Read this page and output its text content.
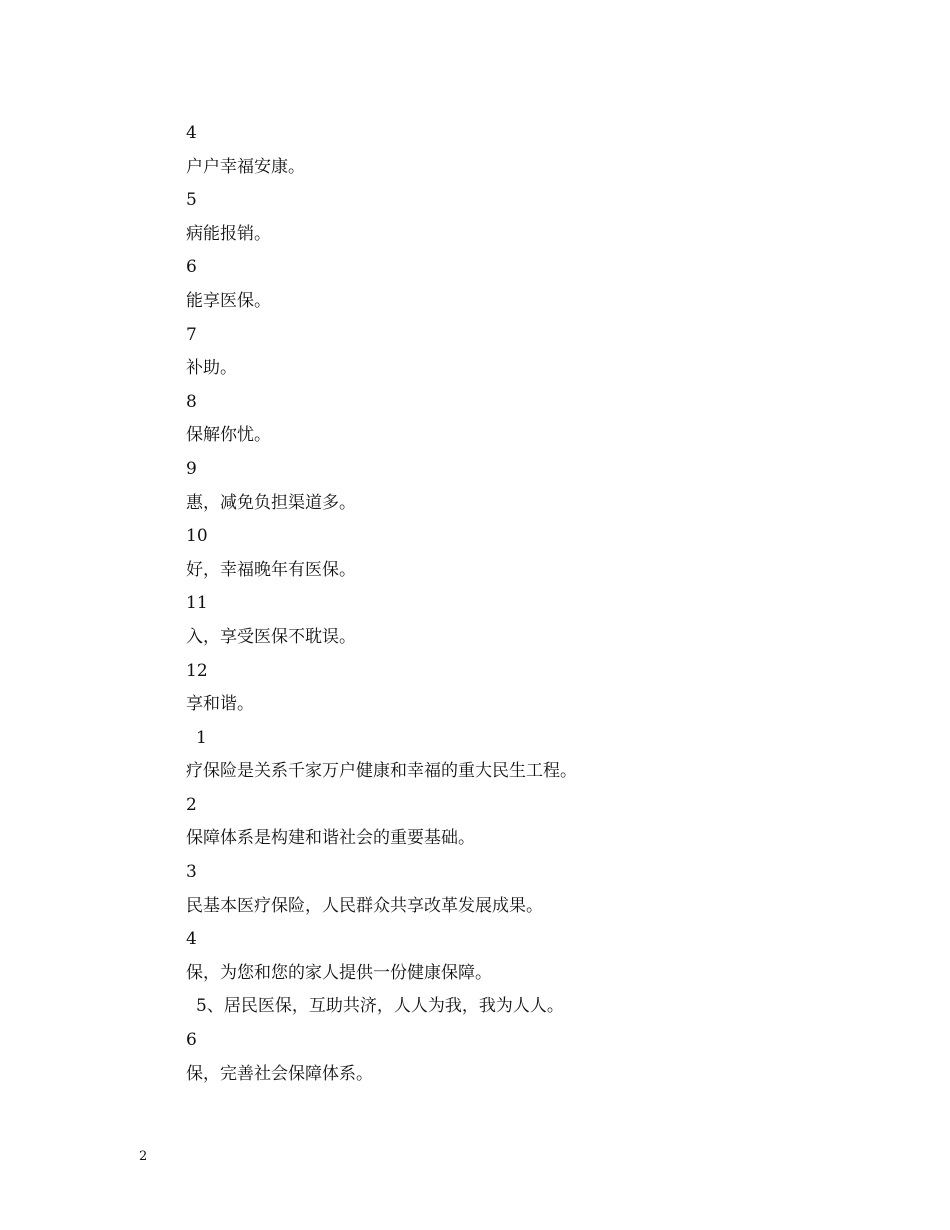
4
户户幸福安康。
5
病能报销。
6
能享医保。
7
补助。
8
保解你忧。
9
惠，减免负担渠道多。
10
好，幸福晚年有医保。
11
入，享受医保不耽误。
12
享和谐。
1
疗保险是关系千家万户健康和幸福的重大民生工程。
2
保障体系是构建和谐社会的重要基础。
3
民基本医疗保险，人民群众共享改革发展成果。
4
保，为您和您的家人提供一份健康保障。
5、居民医保，互助共济，人人为我，我为人人。
6
保，完善社会保障体系。
2
